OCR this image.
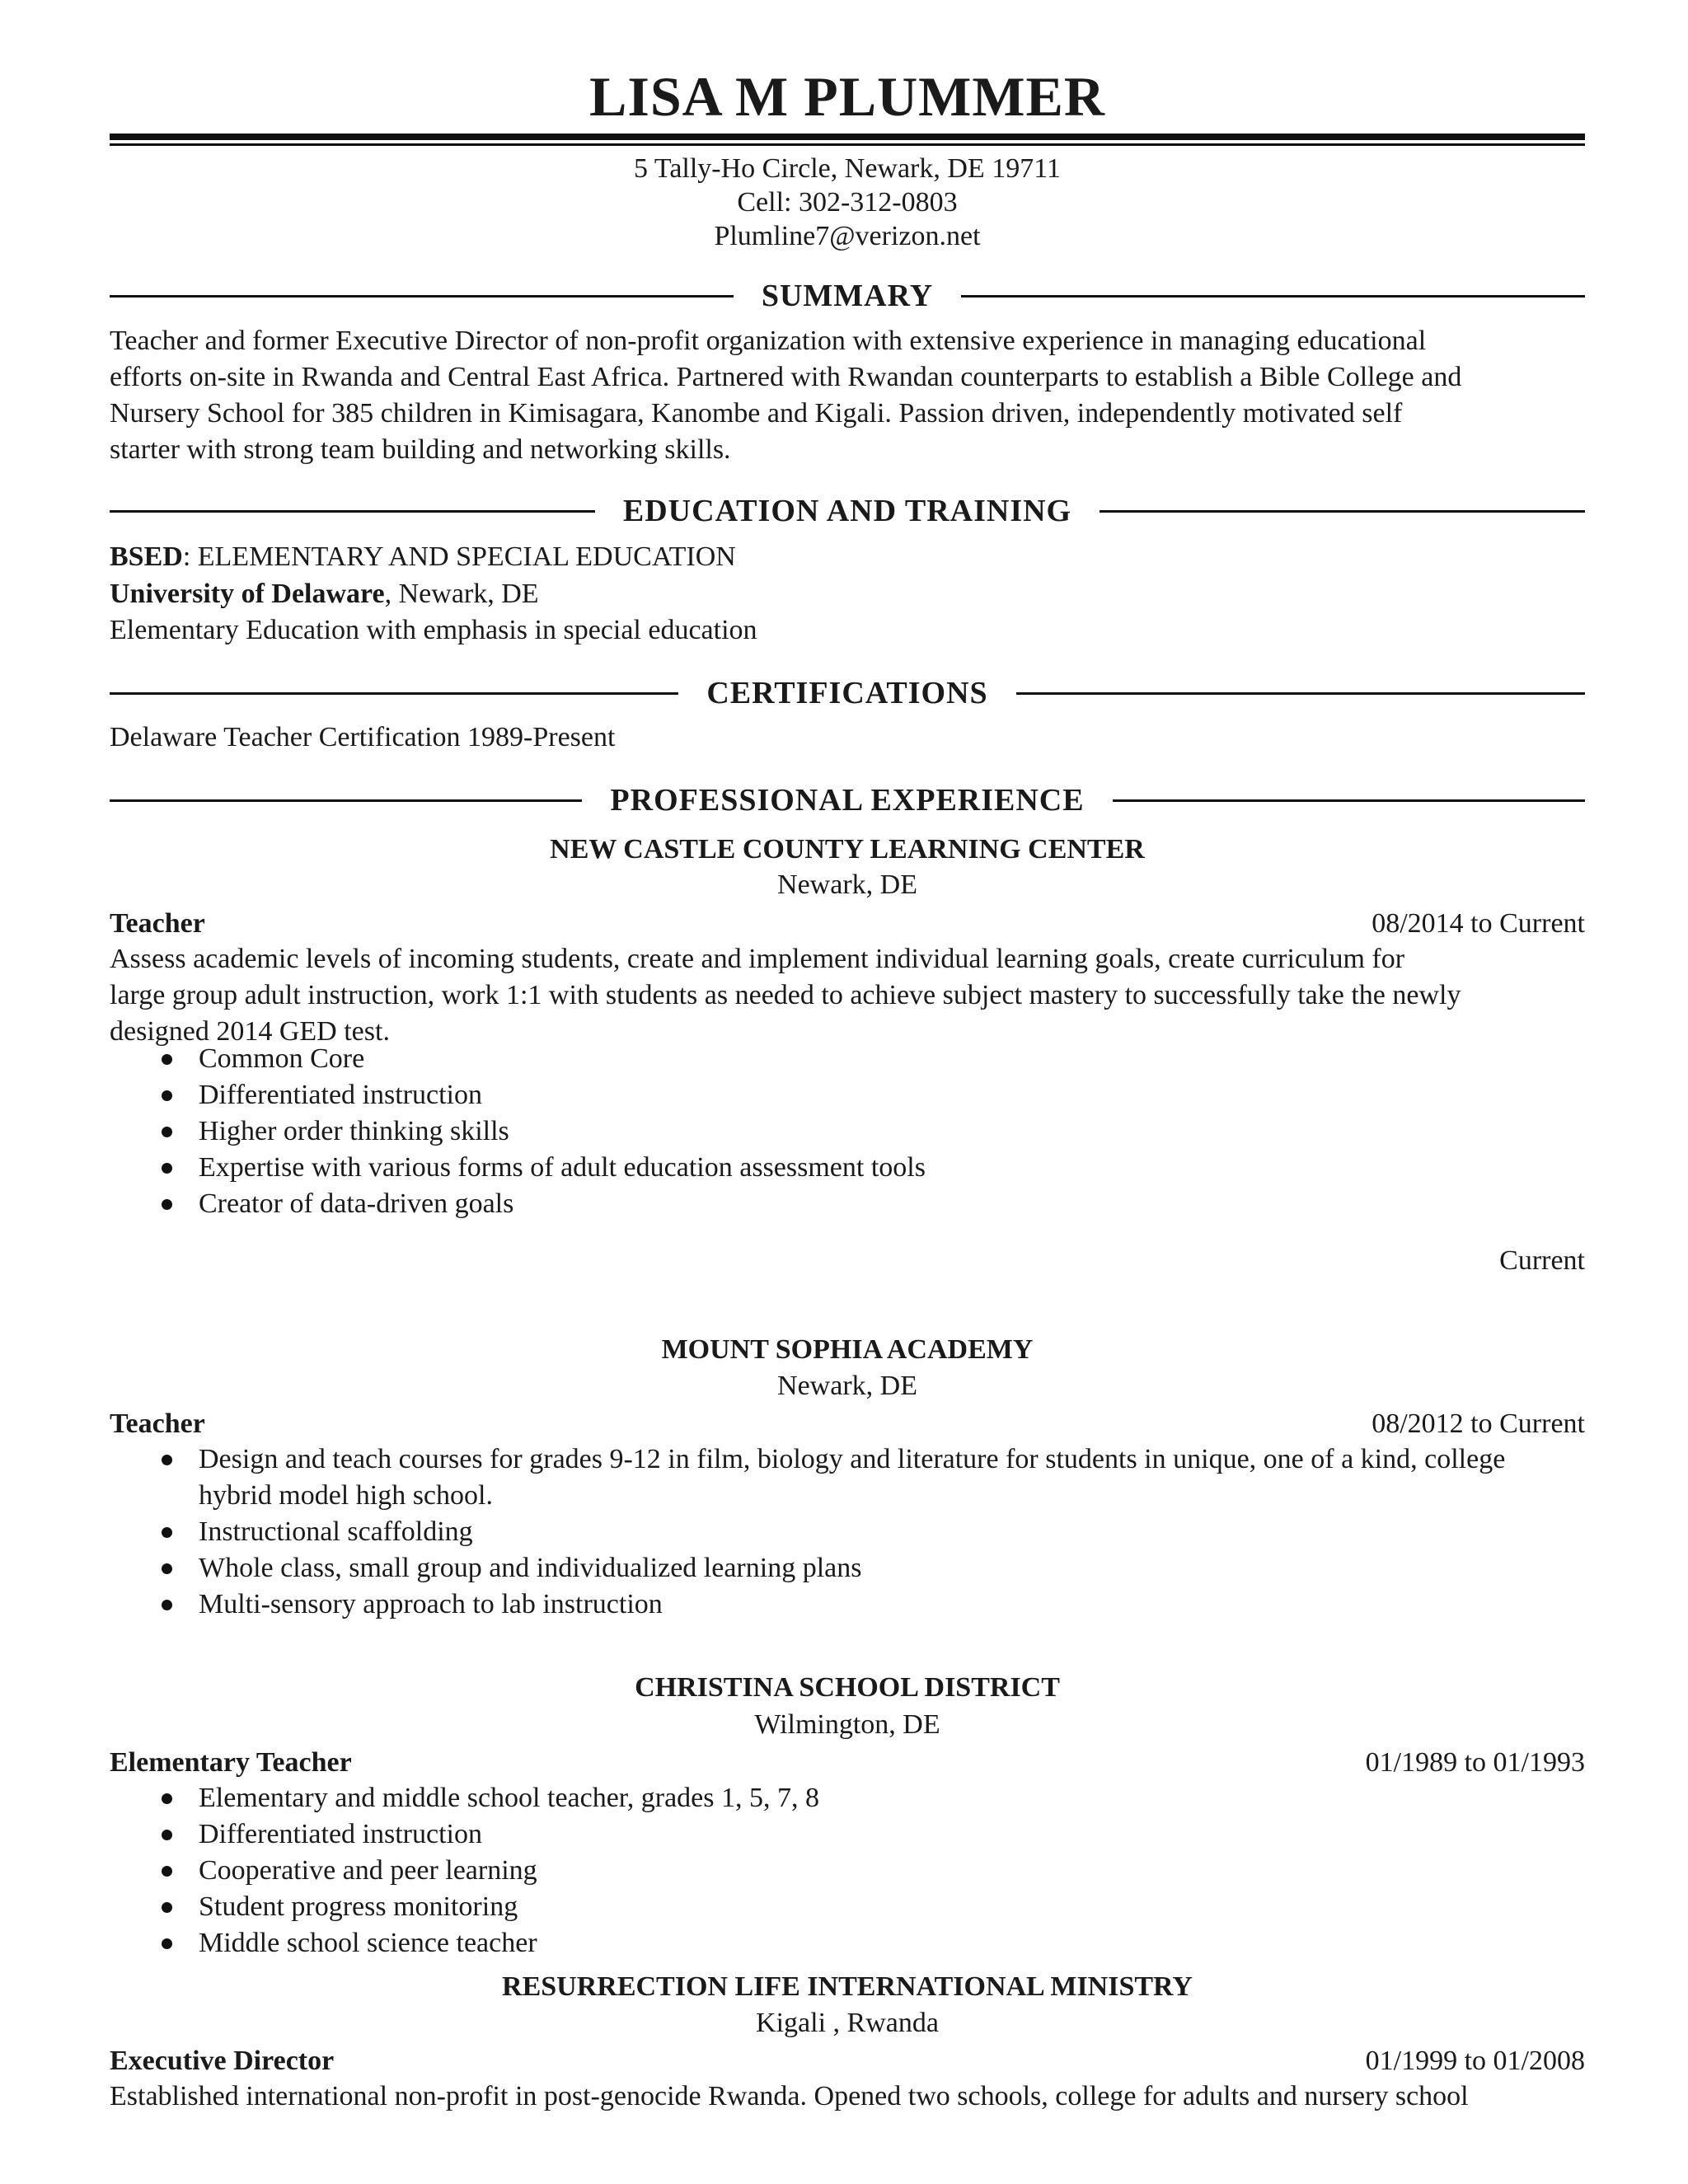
LISA M PLUMMER
5 Tally-Ho Circle, Newark, DE 19711
Cell: 302-312-0803
Plumline7@verizon.net
SUMMARY
Teacher and former Executive Director of non-profit organization with extensive experience in managing educational
efforts on-site in Rwanda and Central East Africa. Partnered with Rwandan counterparts to establish a Bible College and
Nursery School for 385 children in Kimisagara, Kanombe and Kigali. Passion driven, independently motivated self
starter with strong team building and networking skills.
EDUCATION AND TRAINING
BSED: ELEMENTARY AND SPECIAL EDUCATION
University of Delaware, Newark, DE
Elementary Education with emphasis in special education
CERTIFICATIONS
Delaware Teacher Certification 1989-Present
PROFESSIONAL EXPERIENCE
NEW CASTLE COUNTY LEARNING CENTER
Newark, DE
Teacher	08/2014 to Current
Assess academic levels of incoming students, create and implement individual learning goals, create curriculum for
large group adult instruction, work 1:1 with students as needed to achieve subject mastery to successfully take the newly
designed 2014 GED test.
Common Core
Differentiated instruction
Higher order thinking skills
Expertise with various forms of adult education assessment tools
Creator of data-driven goals
Current
MOUNT SOPHIA ACADEMY
Newark, DE
Teacher	08/2012 to Current
Design and teach courses for grades 9-12 in film, biology and literature for students in unique, one of a kind, college hybrid model high school.
Instructional scaffolding
Whole class, small group and individualized learning plans
Multi-sensory approach to lab instruction
CHRISTINA SCHOOL DISTRICT
Wilmington, DE
Elementary Teacher	01/1989 to 01/1993
Elementary and middle school teacher, grades 1, 5, 7, 8
Differentiated instruction
Cooperative and peer learning
Student progress monitoring
Middle school science teacher
RESURRECTION LIFE INTERNATIONAL MINISTRY
Kigali , Rwanda
Executive Director	01/1999 to 01/2008
Established international non-profit in post-genocide Rwanda. Opened two schools, college for adults and nursery school
